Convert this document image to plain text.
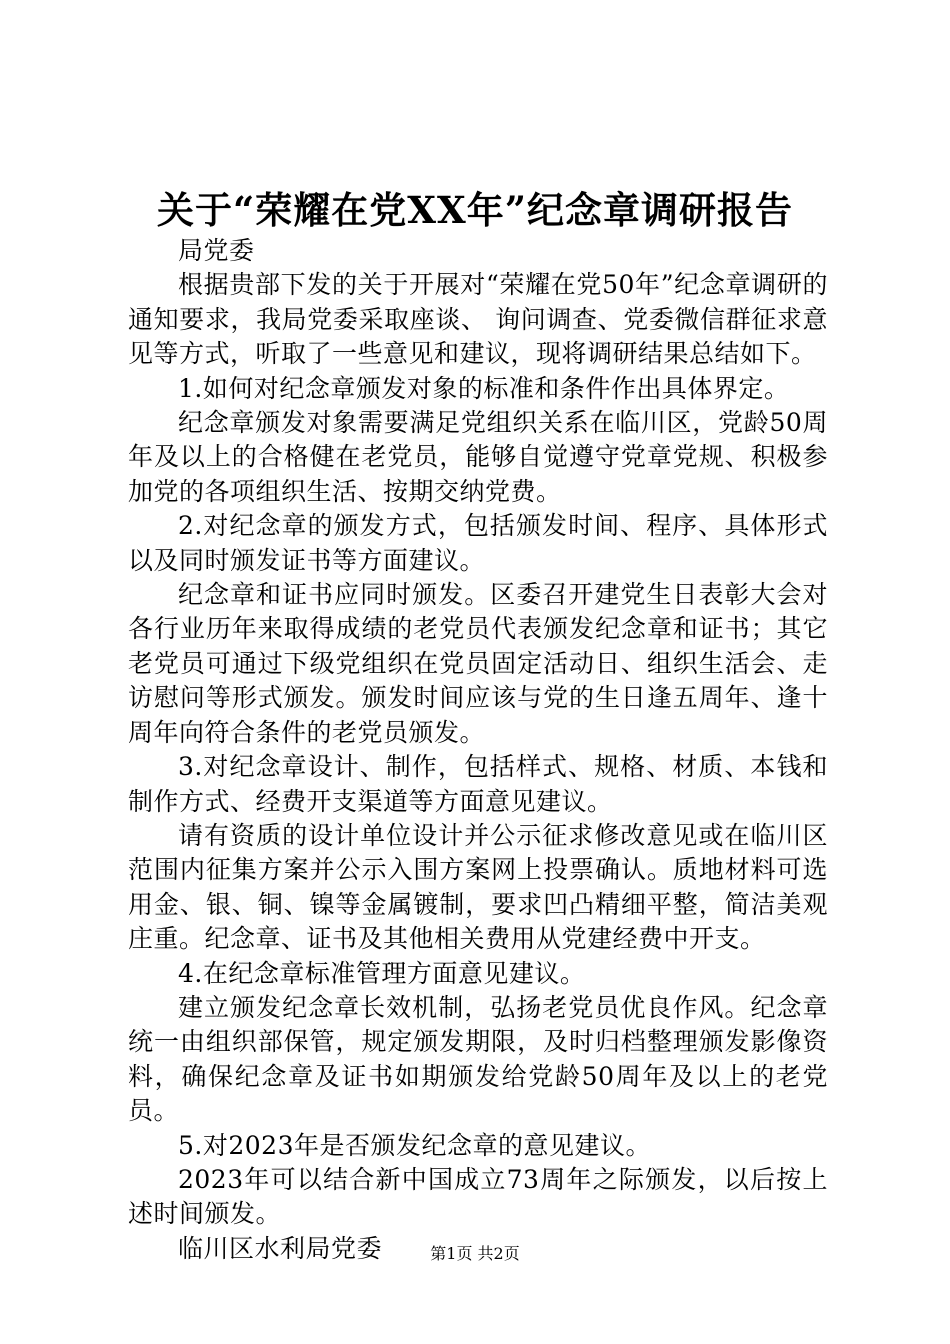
关于“荣耀在党XX年”纪念章调研报告

局党委

根据贵部下发的关于开展对“荣耀在党50年”纪念章调研的通知要求，我局党委采取座谈、 询问调查、党委微信群征求意见等方式，听取了一些意见和建议，现将调研结果总结如下。

1.如何对纪念章颁发对象的标准和条件作出具体界定。

纪念章颁发对象需要满足党组织关系在临川区，党龄50周年及以上的合格健在老党员，能够自觉遵守党章党规、积极参加党的各项组织生活、按期交纳党费。

2.对纪念章的颁发方式，包括颁发时间、程序、具体形式以及同时颁发证书等方面建议。

纪念章和证书应同时颁发。区委召开建党生日表彰大会对各行业历年来取得成绩的老党员代表颁发纪念章和证书；其它老党员可通过下级党组织在党员固定活动日、组织生活会、走访慰问等形式颁发。颁发时间应该与党的生日逢五周年、逢十周年向符合条件的老党员颁发。

3.对纪念章设计、制作，包括样式、规格、材质、本钱和制作方式、经费开支渠道等方面意见建议。

请有资质的设计单位设计并公示征求修改意见或在临川区范围内征集方案并公示入围方案网上投票确认。质地材料可选用金、银、铜、镍等金属镀制，要求凹凸精细平整，简洁美观庄重。纪念章、证书及其他相关费用从党建经费中开支。

4.在纪念章标准管理方面意见建议。

建立颁发纪念章长效机制，弘扬老党员优良作风。纪念章统一由组织部保管，规定颁发期限，及时归档整理颁发影像资料，确保纪念章及证书如期颁发给党龄50周年及以上的老党员。

5.对2023年是否颁发纪念章的意见建议。

2023年可以结合新中国成立73周年之际颁发，以后按上述时间颁发。

临川区水利局党委	第1页 共2页
